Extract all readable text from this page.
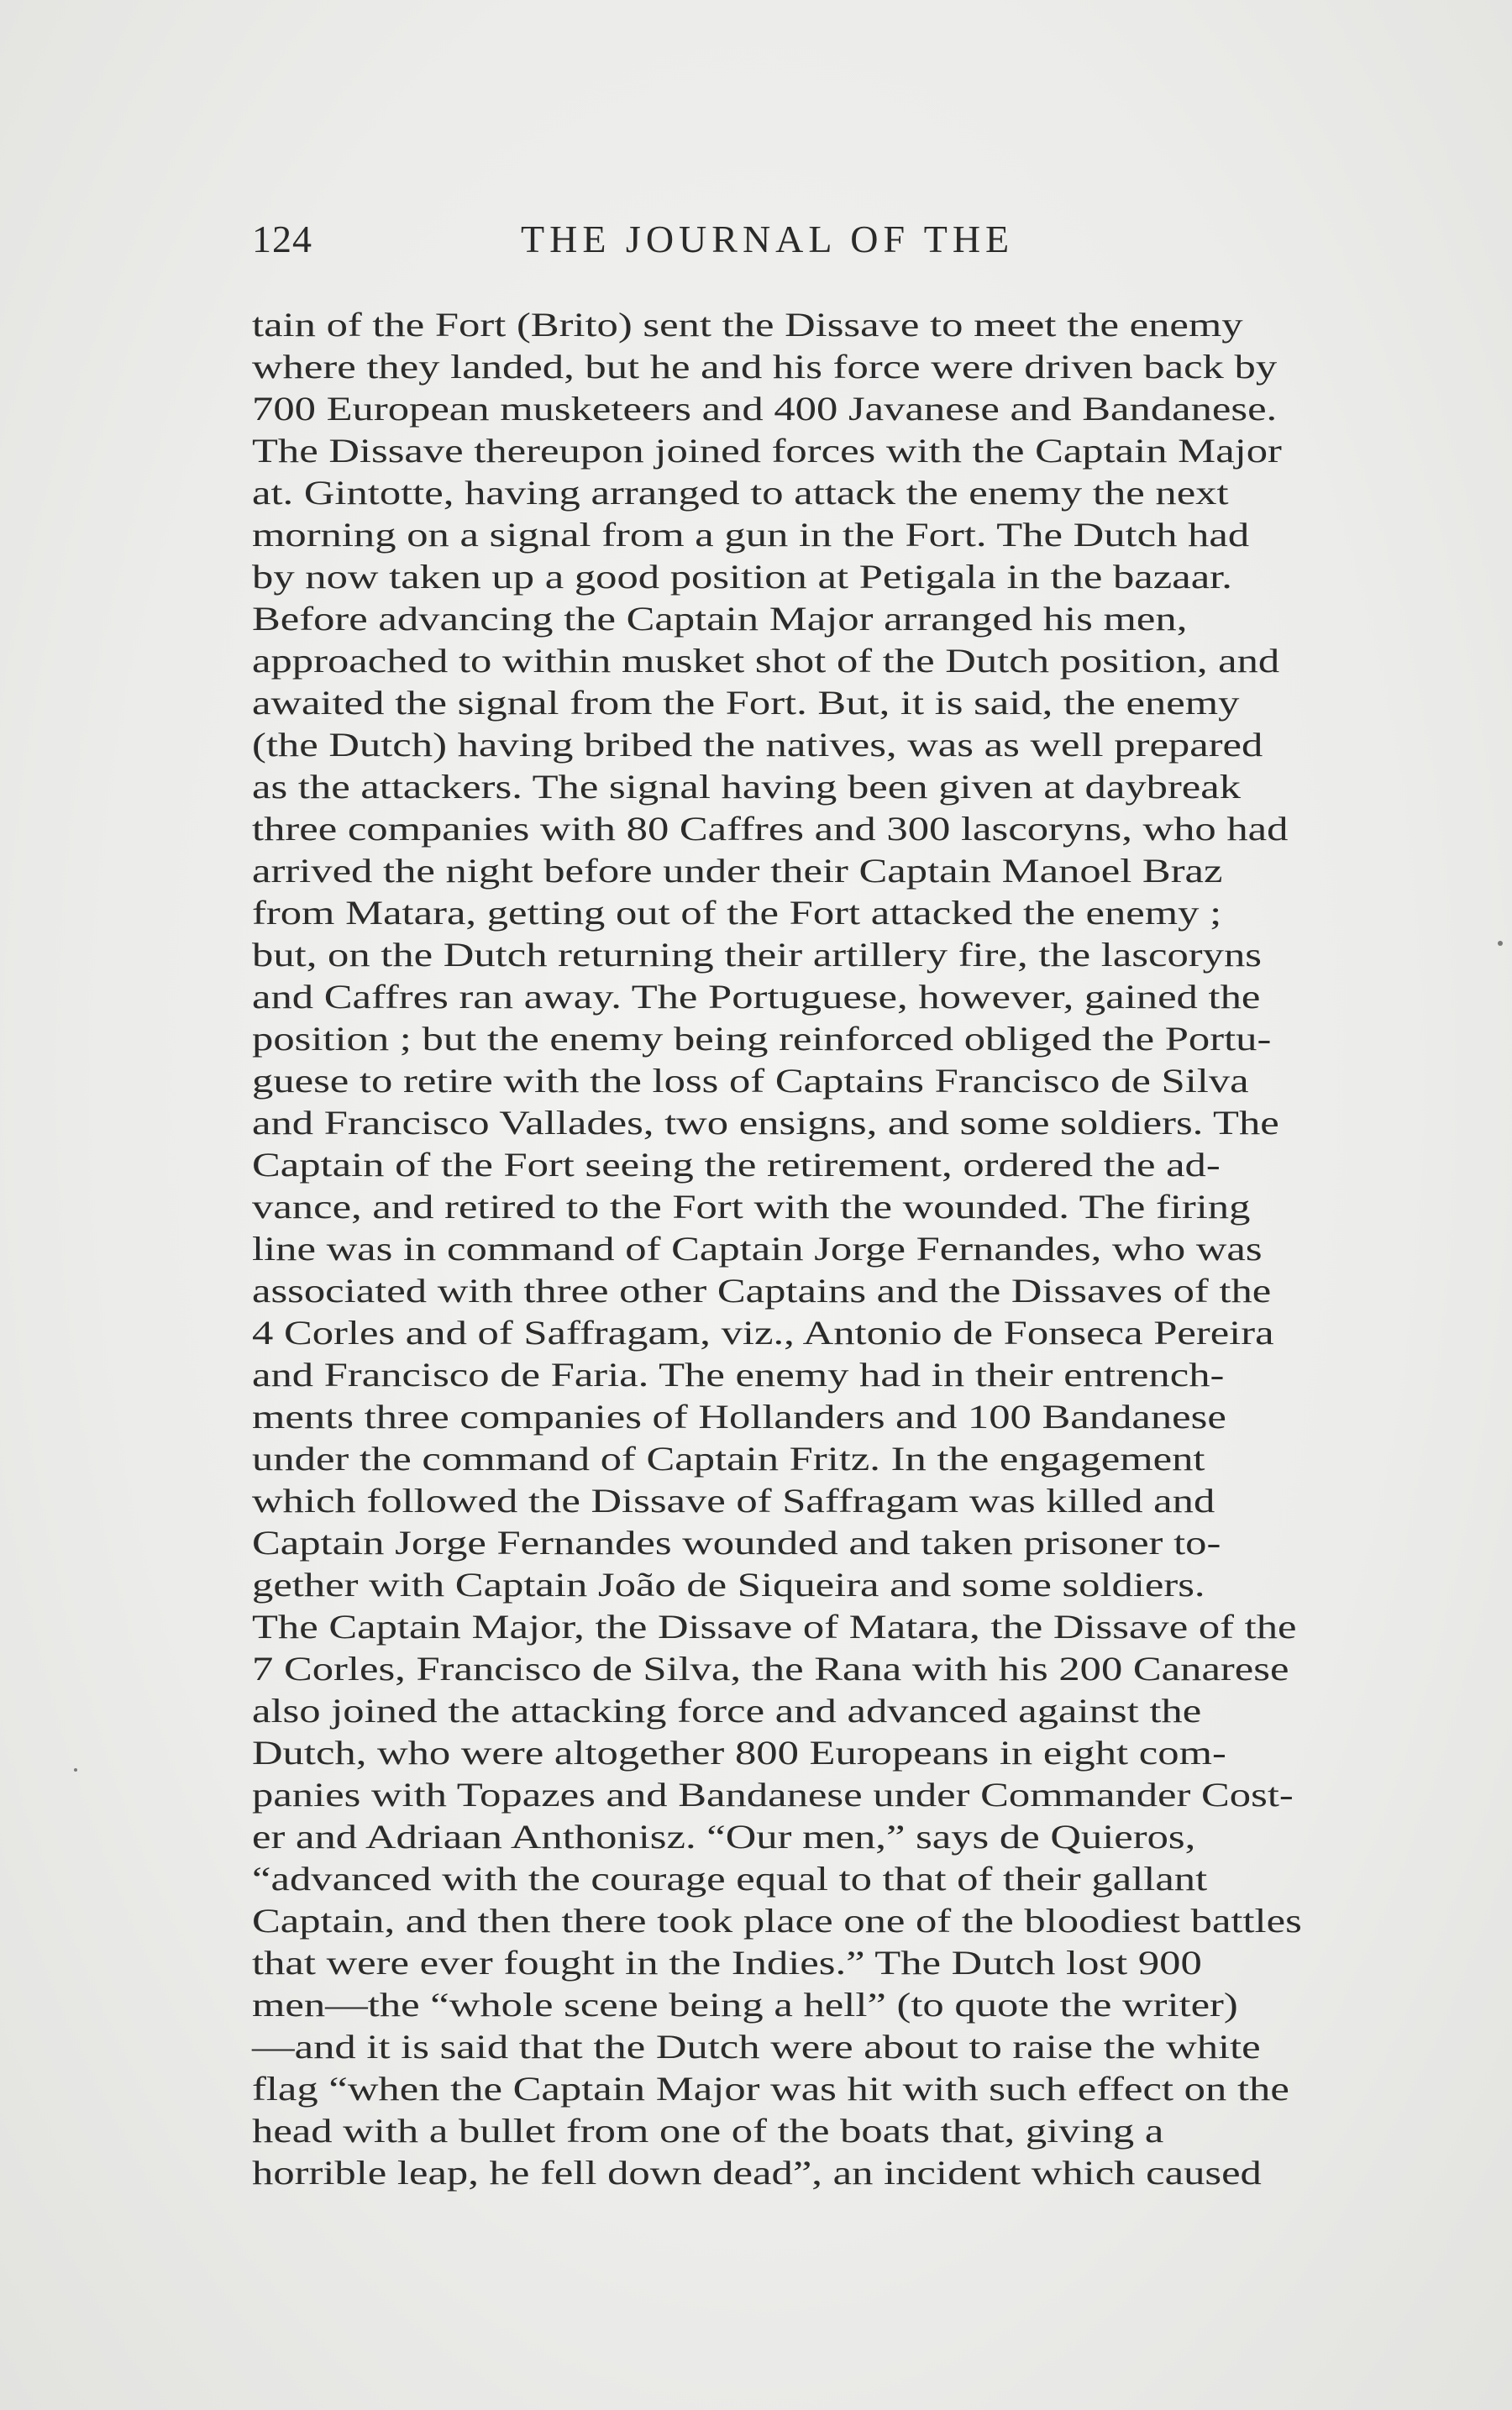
124	THE JOURNAL OF THE
tain of the Fort (Brito) sent the Dissave to meet the enemy
where they landed, but he and his force were driven back by
700 European musketeers and 400 Javanese and Bandanese.
The Dissave thereupon joined forces with the Captain Major
at. Gintotte, having arranged to attack the enemy the next
morning on a signal from a gun in the Fort. The Dutch had
by now taken up a good position at Petigala in the bazaar.
Before advancing the Captain Major arranged his men,
approached to within musket shot of the Dutch position, and
awaited the signal from the Fort. But, it is said, the enemy
(the Dutch) having bribed the natives, was as well prepared
as the attackers. The signal having been given at daybreak
three companies with 80 Caffres and 300 lascoryns, who had
arrived the night before under their Captain Manoel Braz
from Matara, getting out of the Fort attacked the enemy ;
but, on the Dutch returning their artillery fire, the lascoryns
and Caffres ran away. The Portuguese, however, gained the
position ; but the enemy being reinforced obliged the Portu-
guese to retire with the loss of Captains Francisco de Silva
and Francisco Vallades, two ensigns, and some soldiers. The
Captain of the Fort seeing the retirement, ordered the ad-
vance, and retired to the Fort with the wounded. The firing
line was in command of Captain Jorge Fernandes, who was
associated with three other Captains and the Dissaves of the
4 Corles and of Saffragam, viz., Antonio de Fonseca Pereira
and Francisco de Faria. The enemy had in their entrench-
ments three companies of Hollanders and 100 Bandanese
under the command of Captain Fritz. In the engagement
which followed the Dissave of Saffragam was killed and
Captain Jorge Fernandes wounded and taken prisoner to-
gether with Captain João de Siqueira and some soldiers.
The Captain Major, the Dissave of Matara, the Dissave of the
7 Corles, Francisco de Silva, the Rana with his 200 Canarese
also joined the attacking force and advanced against the
Dutch, who were altogether 800 Europeans in eight com-
panies with Topazes and Bandanese under Commander Cost-
er and Adriaan Anthonisz. “Our men,” says de Quieros,
“advanced with the courage equal to that of their gallant
Captain, and then there took place one of the bloodiest battles
that were ever fought in the Indies.” The Dutch lost 900
men—the “whole scene being a hell” (to quote the writer)
—and it is said that the Dutch were about to raise the white
flag “when the Captain Major was hit with such effect on the
head with a bullet from one of the boats that, giving a
horrible leap, he fell down dead”, an incident which caused
